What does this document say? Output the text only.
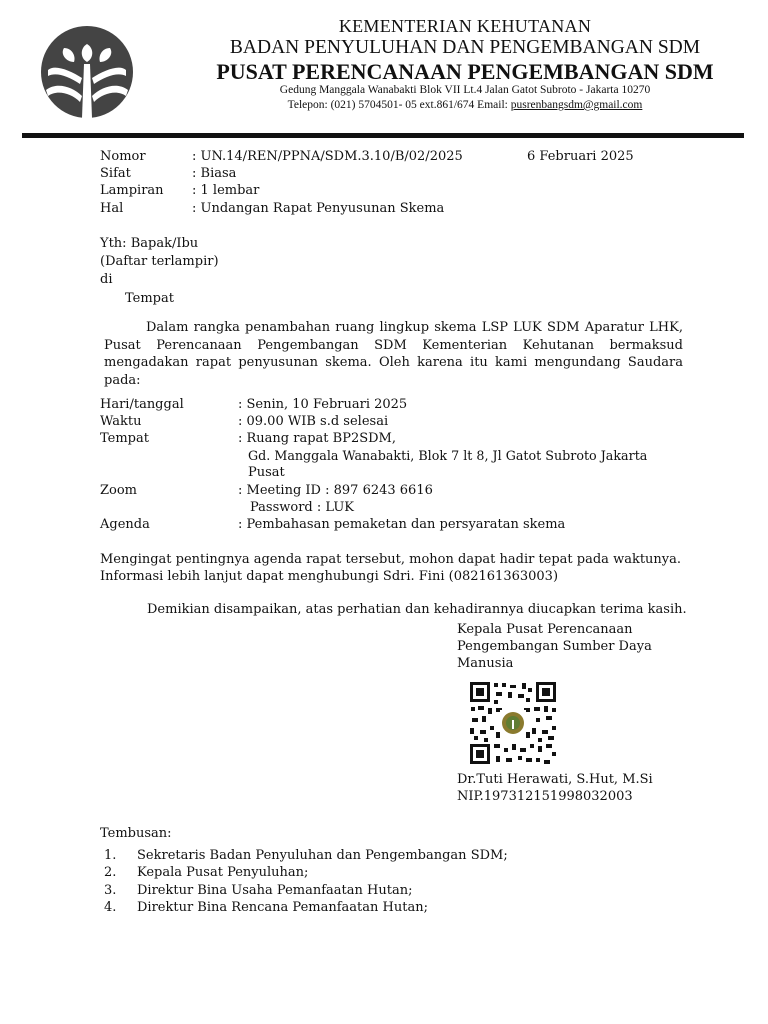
KEMENTERIAN KEHUTANAN
BADAN PENYULUHAN DAN PENGEMBANGAN SDM
PUSAT PERENCANAAN PENGEMBANGAN SDM
Gedung Manggala Wanabakti Blok VII Lt.4 Jalan Gatot Subroto - Jakarta 10270
Telepon: (021) 5704501- 05 ext.861/674 Email: pusrenbangsdm@gmail.com
Nomor	: UN.14/REN/PPNA/SDM.3.10/B/02/2025	6 Februari 2025
Sifat	: Biasa
Lampiran : 1 lembar
Hal	: Undangan Rapat Penyusunan Skema
Yth: Bapak/Ibu
(Daftar terlampir)
di
Tempat
Dalam rangka penambahan ruang lingkup skema LSP LUK SDM Aparatur LHK, Pusat Perencanaan Pengembangan SDM Kementerian Kehutanan bermaksud mengadakan rapat penyusunan skema. Oleh karena itu kami mengundang Saudara pada:
Hari/tanggal	: Senin, 10 Februari 2025
Waktu	: 09.00 WIB s.d selesai
Tempat	: Ruang rapat BP2SDM,
Gd. Manggala Wanabakti, Blok 7 lt 8, Jl Gatot Subroto Jakarta
Pusat
Zoom	: Meeting ID : 897 6243 6616
Password : LUK
Agenda	: Pembahasan pemaketan dan persyaratan skema
Mengingat pentingnya agenda rapat tersebut, mohon dapat hadir tepat pada waktunya.
Informasi lebih lanjut dapat menghubungi Sdri. Fini (082161363003)
Demikian disampaikan, atas perhatian dan kehadirannya diucapkan terima kasih.
Kepala Pusat Perencanaan
Pengembangan Sumber Daya
Manusia
Dr.Tuti Herawati, S.Hut, M.Si
NIP.197312151998032003
Tembusan:
1. Sekretaris Badan Penyuluhan dan Pengembangan SDM;
2. Kepala Pusat Penyuluhan;
3. Direktur Bina Usaha Pemanfaatan Hutan;
4. Direktur Bina Rencana Pemanfaatan Hutan;
